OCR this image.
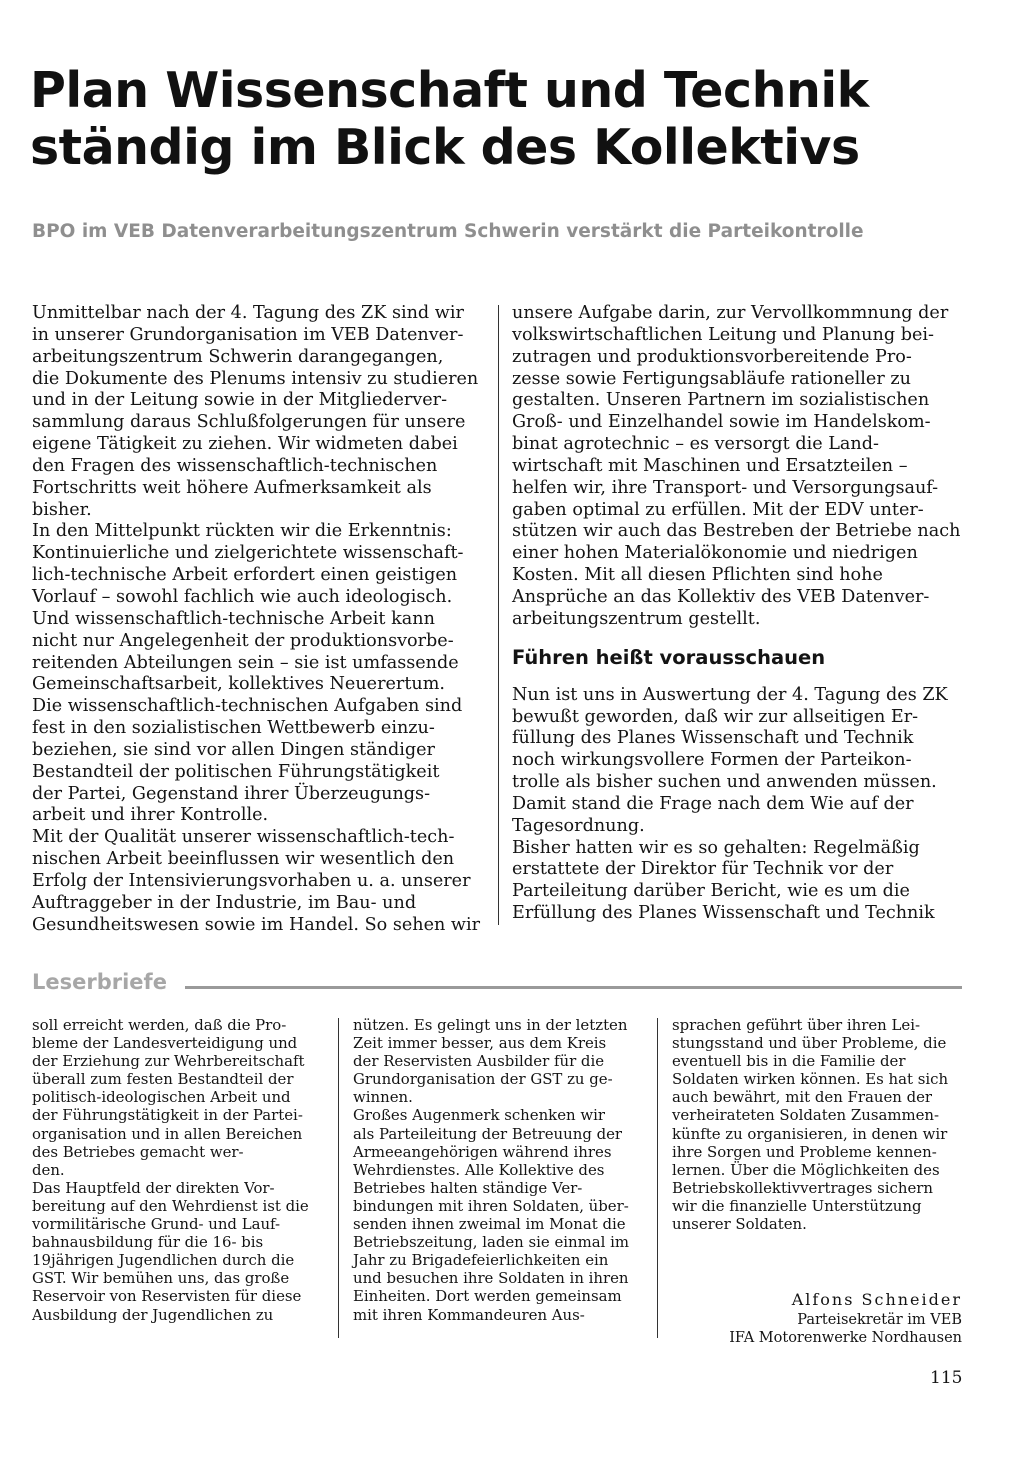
Plan Wissenschaft und Technik ständig im Blick des Kollektivs
BPO im VEB Datenverarbeitungszentrum Schwerin verstärkt die Parteikontrolle

Unmittelbar nach der 4. Tagung des ZK sind wir

in unserer Grundorganisation im VEB Datenver-

arbeitungszentrum Schwerin darangegangen,

die Dokumente des Plenums intensiv zu studieren

und in der Leitung sowie in der Mitgliederver-

sammlung daraus Schlußfolgerungen für unsere

eigene Tätigkeit zu ziehen. Wir widmeten dabei

den Fragen des wissenschaftlich-technischen

Fortschritts weit höhere Aufmerksamkeit als

bisher.

In den Mittelpunkt rückten wir die Erkenntnis:

Kontinuierliche und zielgerichtete wissenschaft-

lich-technische Arbeit erfordert einen geistigen

Vorlauf – sowohl fachlich wie auch ideologisch.

Und wissenschaftlich-technische Arbeit kann

nicht nur Angelegenheit der produktionsvorbe-

reitenden Abteilungen sein – sie ist umfassende

Gemeinschaftsarbeit, kollektives Neuerertum.

Die wissenschaftlich-technischen Aufgaben sind

fest in den sozialistischen Wettbewerb einzu-

beziehen, sie sind vor allen Dingen ständiger

Bestandteil der politischen Führungstätigkeit

der Partei, Gegenstand ihrer Überzeugungs-

arbeit und ihrer Kontrolle.

Mit der Qualität unserer wissenschaftlich-tech-

nischen Arbeit beeinflussen wir wesentlich den

Erfolg der Intensivierungsvorhaben u. a. unserer

Auftraggeber in der Industrie, im Bau- und

Gesundheitswesen sowie im Handel. So sehen wir

unsere Aufgabe darin, zur Vervollkommnung der

volkswirtschaftlichen Leitung und Planung bei-

zutragen und produktionsvorbereitende Pro-

zesse sowie Fertigungsabläufe rationeller zu

gestalten. Unseren Partnern im sozialistischen

Groß- und Einzelhandel sowie im Handelskom-

binat agrotechnic – es versorgt die Land-

wirtschaft mit Maschinen und Ersatzteilen –

helfen wir, ihre Transport- und Versorgungsauf-

gaben optimal zu erfüllen. Mit der EDV unter-

stützen wir auch das Bestreben der Betriebe nach

einer hohen Materialökonomie und niedrigen

Kosten. Mit all diesen Pflichten sind hohe

Ansprüche an das Kollektiv des VEB Datenver-

arbeitungszentrum gestellt.

Führen heißt vorausschauen

Nun ist uns in Auswertung der 4. Tagung des ZK

bewußt geworden, daß wir zur allseitigen Er-

füllung des Planes Wissenschaft und Technik

noch wirkungsvollere Formen der Parteikon-

trolle als bisher suchen und anwenden müssen.

Damit stand die Frage nach dem Wie auf der

Tagesordnung.

Bisher hatten wir es so gehalten: Regelmäßig

erstattete der Direktor für Technik vor der

Parteileitung darüber Bericht, wie es um die

Erfüllung des Planes Wissenschaft und Technik

Leserbriefe

soll erreicht werden, daß die Pro-

bleme der Landesverteidigung und

der Erziehung zur Wehrbereitschaft

überall zum festen Bestandteil der

politisch-ideologischen Arbeit und

der Führungstätigkeit in der Partei-

organisation und in allen Bereichen

des Betriebes gemacht wer-

den.

Das Hauptfeld der direkten Vor-

bereitung auf den Wehrdienst ist die

vormilitärische Grund- und Lauf-

bahnausbildung für die 16- bis

19jährigen Jugendlichen durch die

GST. Wir bemühen uns, das große

Reservoir von Reservisten für diese

Ausbildung der Jugendlichen zu

nützen. Es gelingt uns in der letzten

Zeit immer besser, aus dem Kreis

der Reservisten Ausbilder für die

Grundorganisation der GST zu ge-

winnen.

Großes Augenmerk schenken wir

als Parteileitung der Betreuung der

Armeeangehörigen während ihres

Wehrdienstes. Alle Kollektive des

Betriebes halten ständige Ver-

bindungen mit ihren Soldaten, über-

senden ihnen zweimal im Monat die

Betriebszeitung, laden sie einmal im

Jahr zu Brigadefeierlichkeiten ein

und besuchen ihre Soldaten in ihren

Einheiten. Dort werden gemeinsam

mit ihren Kommandeuren Aus-

sprachen geführt über ihren Lei-

stungsstand und über Probleme, die

eventuell bis in die Familie der

Soldaten wirken können. Es hat sich

auch bewährt, mit den Frauen der

verheirateten Soldaten Zusammen-

künfte zu organisieren, in denen wir

ihre Sorgen und Probleme kennen-

lernen. Über die Möglichkeiten des

Betriebskollektivvertrages sichern

wir die finanzielle Unterstützung

unserer Soldaten.

Alfons Schneider
Parteisekretär im VEB
IFA Motorenwerke Nordhausen
115
